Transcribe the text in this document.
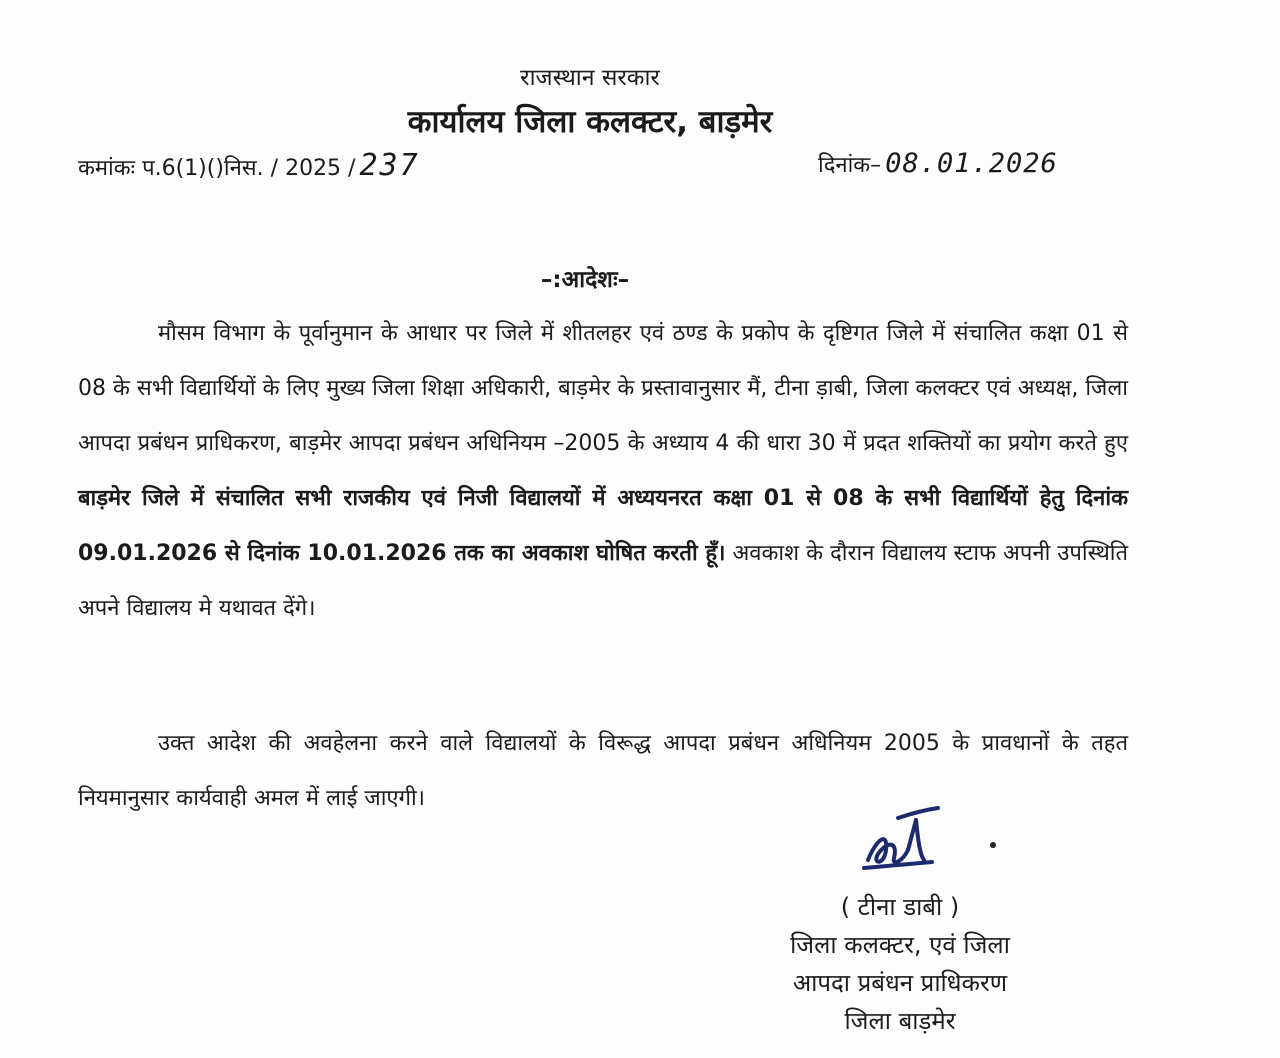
राजस्थान सरकार
कार्यालय जिला कलक्टर, बाड़मेर
कमांकः प.6(1)()निस. / 2025 / 237	दिनांक– 08.01.2026
–:आदेशः–
मौसम विभाग के पूर्वानुमान के आधार पर जिले में शीतलहर एवं ठण्ड के प्रकोप के दृष्टिगत जिले में संचालित कक्षा 01 से 08 के सभी विद्यार्थियों के लिए मुख्य जिला शिक्षा अधिकारी, बाड़मेर के प्रस्तावानुसार मैं, टीना ड़ाबी, जिला कलक्टर एवं अध्यक्ष, जिला आपदा प्रबंधन प्राधिकरण, बाड़मेर आपदा प्रबंधन अधिनियम –2005 के अध्याय 4 की धारा 30 में प्रदत शक्तियों का प्रयोग करते हुए बाड़मेर जिले में संचालित सभी राजकीय एवं निजी विद्यालयों में अध्ययनरत कक्षा 01 से 08 के सभी विद्यार्थियों हेतु दिनांक 09.01.2026 से दिनांक 10.01.2026 तक का अवकाश घोषित करती हूॅं। अवकाश के दौरान विद्यालय स्टाफ अपनी उपस्थिति अपने विद्यालय मे यथावत देंगे।
उक्त आदेश की अवहेलना करने वाले विद्यालयों के विरूद्ध आपदा प्रबंधन अधिनियम 2005 के प्रावधानों के तहत नियमानुसार कार्यवाही अमल में लाई जाएगी।
( टीना डाबी )
जिला कलक्टर, एवं जिला
आपदा प्रबंधन प्राधिकरण
जिला बाड़मेर
